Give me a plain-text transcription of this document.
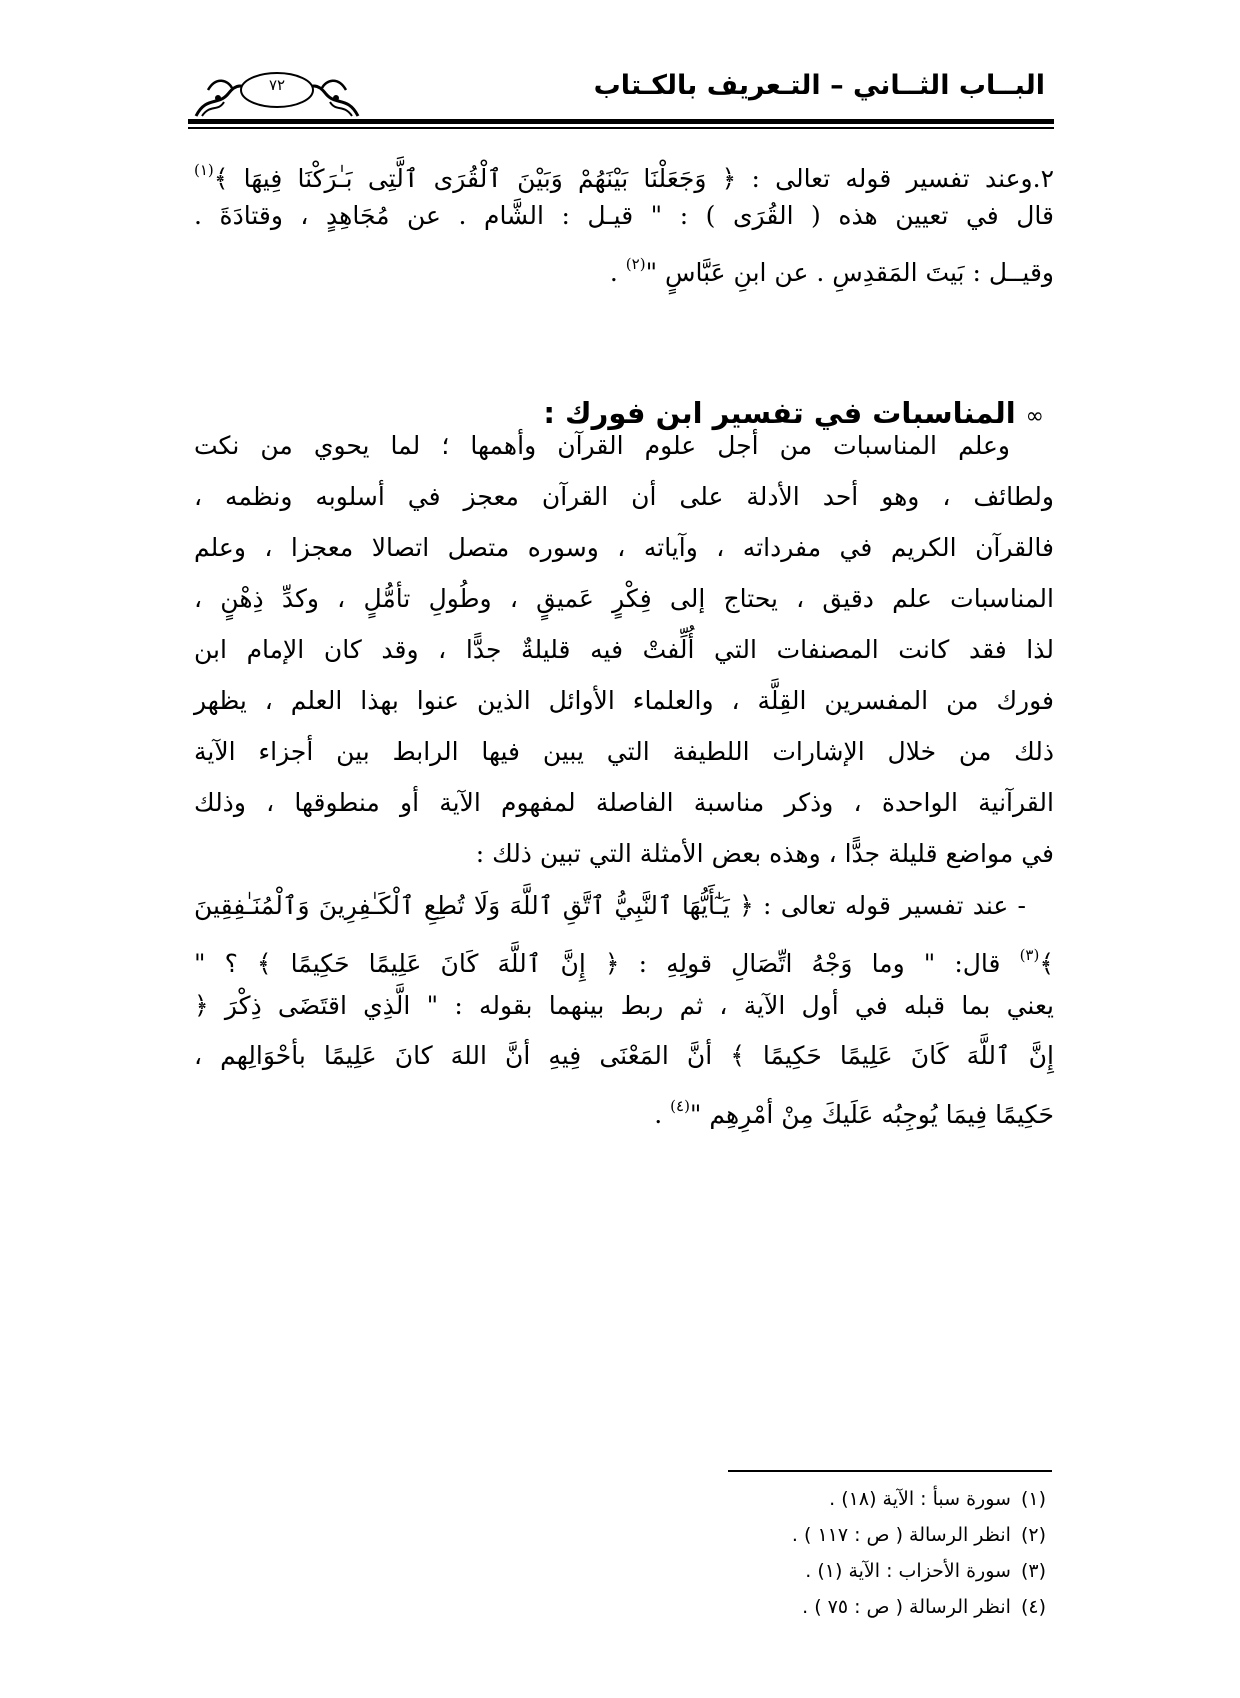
البــاب الثــاني – التـعريف بالكـتاب
٧٢
٢.وعند تفسير قوله تعالى : ﴿ وَجَعَلْنَا بَيْنَهُمْ وَبَيْنَ ٱلْقُرَى ٱلَّتِى بَـٰرَكْنَا فِيهَا ﴾$^{(١)}$
قال في تعيين هذه ( القُرَى ) : " قيـل : الشَّام . عن مُجَاهِدٍ ، وقتادَةَ .
وقيــل : بَيتَ المَقدِسِ . عن ابنِ عَبَّاسٍ "$^{(٢)}$ .
∞المناسبات في تفسير ابن فورك :
وعلم المناسبات من أجل علوم القرآن وأهمها ؛ لما يحوي من نكت
ولطائف ، وهو أحد الأدلة على أن القرآن معجز في أسلوبه ونظمه ،
فالقرآن الكريم في مفرداته ، وآياته ، وسوره متصل اتصالا معجزا ، وعلم
المناسبات علم دقيق ، يحتاج إلى فِكْرٍ عَميقٍ ، وطُولِ تأمُّلٍ ، وكدِّ ذِهْنٍ ،
لذا فقد كانت المصنفات التي أُلِّفتْ فيه قليلةٌ جدًّا ، وقد كان الإمام ابن
فورك من المفسرين القِلَّة ، والعلماء الأوائل الذين عنوا بهذا العلم ، يظهر
ذلك من خلال الإشارات اللطيفة التي يبين فيها الرابط بين أجزاء الآية
القرآنية الواحدة ، وذكر مناسبة الفاصلة لمفهوم الآية أو منطوقها ، وذلك
في مواضع قليلة جدًّا ، وهذه بعض الأمثلة التي تبين ذلك :
- عند تفسير قوله تعالى : ﴿ يَـٰٓأَيُّهَا ٱلنَّبِيُّ ٱتَّقِ ٱللَّهَ وَلَا تُطِعِ ٱلْكَـٰفِرِينَ وَٱلْمُنَـٰفِقِينَ
﴾$^{(٣)}$ قال: " وما وَجْهُ اتِّصَالِ قولِهِ : ﴿ إِنَّ ٱللَّهَ كَانَ عَلِيمًا حَكِيمًا ﴾ ؟ "
يعني بما قبله في أول الآية ، ثم ربط بينهما بقوله : " الَّذِي اقتَضَى ذِكْرَ ﴿
إِنَّ ٱللَّهَ كَانَ عَلِيمًا حَكِيمًا ﴾ أنَّ المَعْنَى فِيهِ أنَّ اللهَ كانَ عَلِيمًا بأحْوَالِهم ،
حَكِيمًا فِيمَا يُوجِبُه عَلَيكَ مِنْ أمْرِهِم "$^{(٤)}$ .
(١)سورة سبأ : الآية (١٨) .
(٢)انظر الرسالة ( ص : ١١٧ ) .
(٣)سورة الأحزاب : الآية (١) .
(٤)انظر الرسالة ( ص : ٧٥ ) .
